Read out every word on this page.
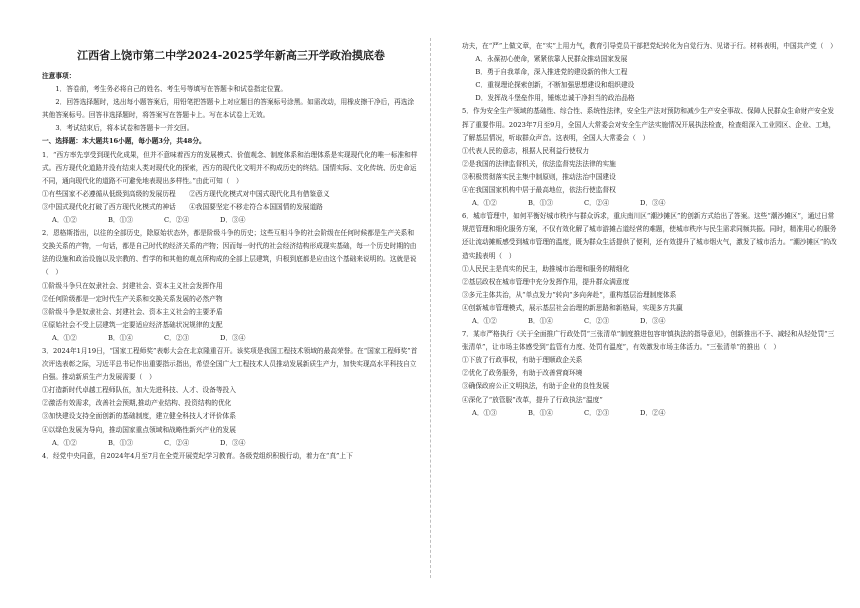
江西省上饶市第二中学2024-2025学年新高三开学政治摸底卷

注意事项：

1．答卷前，考生务必将自己的姓名、考生号等填写在答题卡和试卷指定位置。

2．回答选择题时，选出每小题答案后，用铅笔把答题卡上对应题目的答案标号涂黑。如需改动，用橡皮擦干净后，再选涂其他答案标号。回答非选择题时，将答案写在答题卡上。写在本试卷上无效。

3．考试结束后，将本试卷和答题卡一并交回。

一、选择题：本大题共16小题，每小题3分，共48分。

1．“西方率先享受到现代化成果，但并不意味着西方的发展模式、价值观念、制度体系和治理体系是实现现代化的唯一标准和样式。西方现代化道路并没有结束人类对现代化的探索，西方的现代化文明并不构成历史的终结。国情实际、文化传统、历史命运不同，通向现代化的道路不可避免地表现出多样性。”由此可知（　）

①有些国家不必遵循从低级到高级的发展历程　　②西方现代化模式对中国式现代化具有借鉴意义

③中国式现代化打破了西方现代化模式的神话　　④我国要坚定不移走符合本国国情的发展道路

A．①②	B．①③	C．②④	D．③④

2．恩格斯指出，以往的全部历史，除原始状态外，都是阶级斗争的历史；这些互相斗争的社会阶级在任何时候都是生产关系和交换关系的产物，一句话，都是自己时代的经济关系的产物；因而每一时代的社会经济结构形成现实基础，每一个历史时期的由法的设施和政治设施以及宗教的、哲学的和其他的观点所构成的全部上层建筑，归根到底都是应由这个基础来说明的。这就是说（　）

①阶级斗争只在奴隶社会、封建社会、资本主义社会发挥作用

②任何阶级都是一定时代生产关系和交换关系发展的必然产物

③阶级斗争是奴隶社会、封建社会、资本主义社会的主要矛盾

④原始社会不受上层建筑一定要适应经济基础状况规律的支配

A．①②	B．①④	C．②③	D．③④

3．2024年1月19日，“国家工程师奖”表彰大会在北京隆重召开。该奖项是我国工程技术领域的最高荣誉。在“国家工程师奖”首次评选表彰之际，习近平总书记作出重要指示指出，希望全国广大工程技术人员推动发展新质生产力，加快实现高水平科技自立自强。推动新质生产力发展需要（　）

①打造新时代卓越工程师队伍，加大先进科技、人才、设备等投入

②激活有效需求，改善社会预期,推动产业结构、投资结构的优化

③加快建设支持全面创新的基础制度，建立健全科技人才评价体系

④以绿色发展为导向，推动国家重点领域和战略性新兴产业的发展

A．①②	B．①③	C．②④	D．③④

4．经党中央同意，自2024年4月至7月在全党开展党纪学习教育。各级党组织积极行动，着力在“真”上下

功夫，在“严”上做文章，在“实”上用力气，教育引导党员干部把党纪转化为自觉行为、见诸于行。材料表明，中国共产党（　）

A．永葆初心使命，紧紧依靠人民群众推动国家发展

B．勇于自我革命，深入推进党的建设新的伟大工程

C．重视理论探索创新，不断加强思想建设和组织建设

D．发挥战斗堡垒作用，锤炼忠诚干净担当的政治品格

5．作为安全生产领域的基础性、综合性、系统性法律，安全生产法对预防和减少生产安全事故、保障人民群众生命财产安全发挥了重要作用。2023年7月至9月，全国人大常委会对安全生产法实施情况开展执法检查，检查组深入工业园区、企业、工地，了解基层情况，听取群众声音。这表明，全国人大常委会（　）

①代表人民的意志，根据人民利益行使权力

②是我国的法律监督机关，依法监督宪法法律的实施

③积极贯彻落实民主集中制原则，推动法治中国建设

④在我国国家机构中居于最高地位，依法行使监督权

A．①②	B．①③	C．②④	D．③④

6．城市管理中，如何平衡好城市秩序与群众诉求，重庆南川区“潮沙摊区”的创新方式给出了答案。这些“潮沙摊区”，通过日常规范管理和细化服务方案，不仅有效化解了城市游摊占道经营的难题，使城市秩序与民生需求同频共振。同时，精准用心的服务还让流动摊贩感受到城市管理的温度，既为群众生活提供了便利，还有效提升了城市烟火气，激发了城市活力。“潮沙摊区”的改造实践表明（　）

①人民民主是真实的民主，助推城市治理和服务的精细化

②基层政权在城市管理中充分发挥作用，提升群众满意度

③多元主体共治，从“单点发力”转向“多向奔赴”，重构基层治理制度体系

④创新城市管理模式，展示基层社会治理的新思路和新格局，实现多方共赢

A．①②	B．①④	C．②③	D．③④

7．某市严格执行《关于全面推广行政处罚“三张清单”制度推进包容审慎执法的指导意见》，创新推出不予、减轻和从轻处罚“三张清单”，让市场主体感受到“监管有力度、处罚有温度”，有效激发市场主体活力。“三张清单”的推出（　）

①下放了行政事权，有助于理顺政企关系

②优化了政务服务，有助于改善营商环境

③确保政府公正文明执法，有助于企业的良性发展

④深化了“放管服”改革，提升了行政执法“温度”

A．①③	B．①④	C．②③	D．②④
